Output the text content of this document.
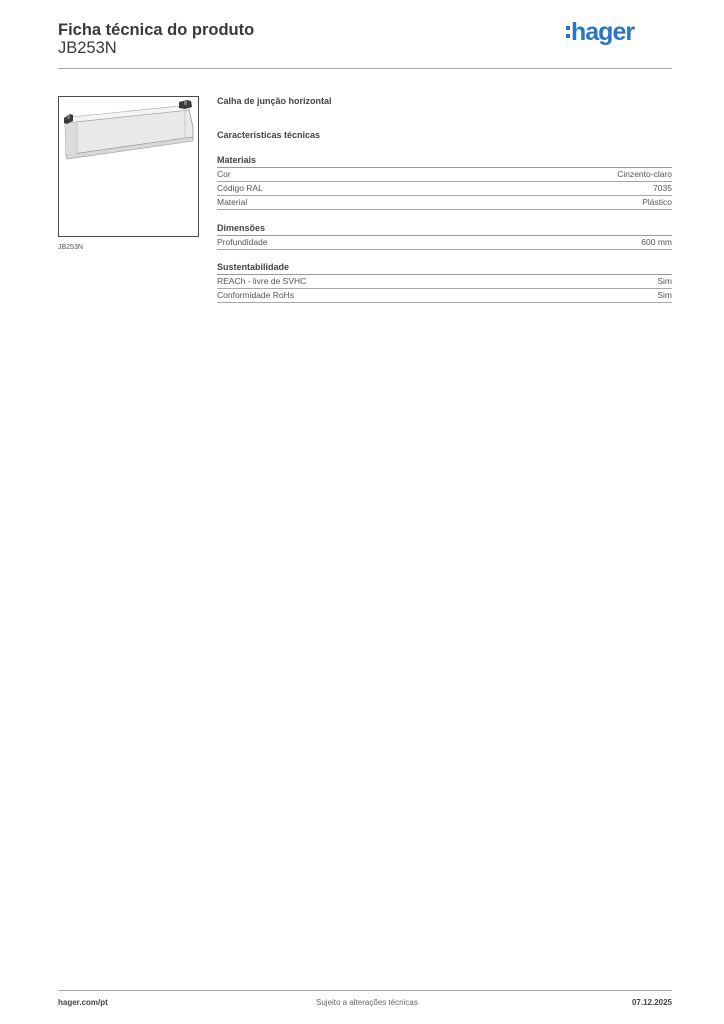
Ficha técnica do produto
JB253N
hager
JB253N
Calha de junção horizontal
Características técnicas
Materiais
Cor	Cinzento-claro
Código RAL	7035
Material	Plástico
Dimensões
Profundidade	600 mm
Sustentabilidade
REACh - livre de SVHC	Sim
Conformidade RoHs	Sim
hager.com/pt	Sujeito a alterações técnicas	07.12.2025
